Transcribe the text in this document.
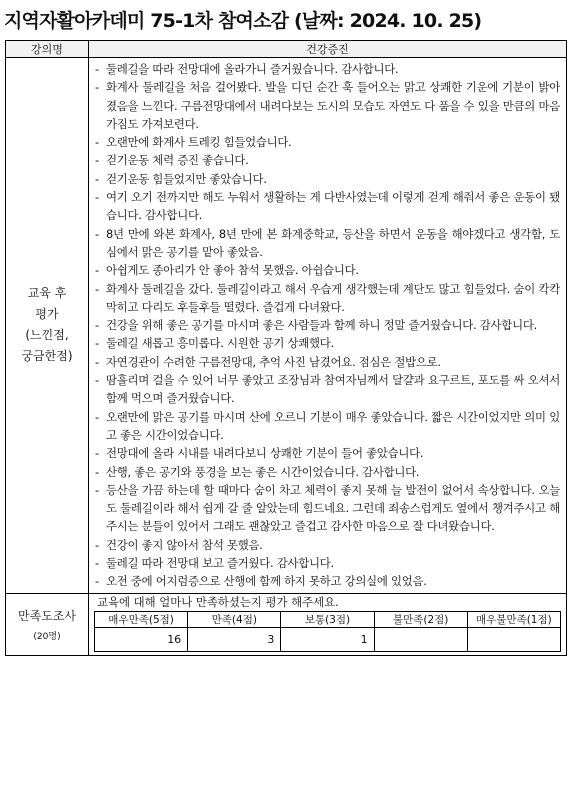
지역자활아카데미 75-1차 참여소감 (날짜: 2024. 10. 25)
강의명	건강증진

교육 후
평가
(느낀점,
궁금한점)

- 둘레길을 따라 전망대에 올라가니 즐거웠습니다. 감사합니다.
- 화계사 둘레길을 처음 걸어봤다. 발을 디딘 순간 훅 들어오는 맑고 상쾌한 기운에 기분이 밝아졌음을 느낀다. 구름전망대에서 내려다보는 도시의 모습도 자연도 다 품을 수 있을 만큼의 마음가짐도 가져보련다.
- 오랜만에 화계사 트레킹 힘들었습니다.
- 걷기운동 체력 증진 좋습니다.
- 걷기운동 힘들었지만 좋았습니다.
- 여기 오기 전까지만 해도 누워서 생활하는 게 다반사였는데 이렇게 걷게 해줘서 좋은 운동이 됐습니다. 감사합니다.
- 8년 만에 와본 화계사, 8년 만에 본 화계중학교, 등산을 하면서 운동을 해야겠다고 생각함, 도심에서 맑은 공기를 맡아 좋았음.
- 아쉽게도 종아리가 안 좋아 참석 못했음. 아쉽습니다.
- 화계사 둘레길을 갔다. 둘레길이라고 해서 우습게 생각했는데 계단도 많고 힘들었다. 숨이 칵칵 막히고 다리도 후들후들 떨렸다. 즐겁게 다녀왔다.
- 건강을 위해 좋은 공기를 마시며 좋은 사람들과 함께 하니 정말 즐거웠습니다. 감사합니다.
- 둘레길 새롭고 흥미롭다. 시원한 공기 상쾌했다.
- 자연경관이 수려한 구름전망대, 추억 사진 남겼어요. 점심은 절밥으로.
- 땀흘리며 걸을 수 있어 너무 좋았고 조장님과 참여자님께서 달걀과 요구르트, 포도를 싸 오셔서 함께 먹으며 즐거웠습니다.
- 오랜만에 맑은 공기를 마시며 산에 오르니 기분이 매우 좋았습니다. 짧은 시간이었지만 의미 있고 좋은 시간이었습니다.
- 전망대에 올라 시내를 내려다보니 상쾌한 기분이 들어 좋았습니다.
- 산행, 좋은 공기와 풍경을 보는 좋은 시간이었습니다. 감사합니다.
- 등산을 가끔 하는데 할 때마다 숨이 차고 체력이 좋지 못해 늘 발전이 없어서 속상합니다. 오늘도 둘레길이라 해서 쉽게 갈 줄 알았는데 힘드네요. 그런데 죄송스럽게도 옆에서 챙겨주시고 해주시는 분들이 있어서 그래도 괜찮았고 즐겁고 감사한 마음으로 잘 다녀왔습니다.
- 건강이 좋지 않아서 참석 못했음.
- 둘레길 따라 전망대 보고 즐거웠다. 감사합니다.
- 오전 중에 어지럼증으로 산행에 함께 하지 못하고 강의실에 있었음.

만족도조사
(20명)

교육에 대해 얼마나 만족하셨는지 평가 해주세요.
매우만족(5점)	만족(4점)	보통(3점)	불만족(2점)	매우불만족(1점)
16	3	1		
